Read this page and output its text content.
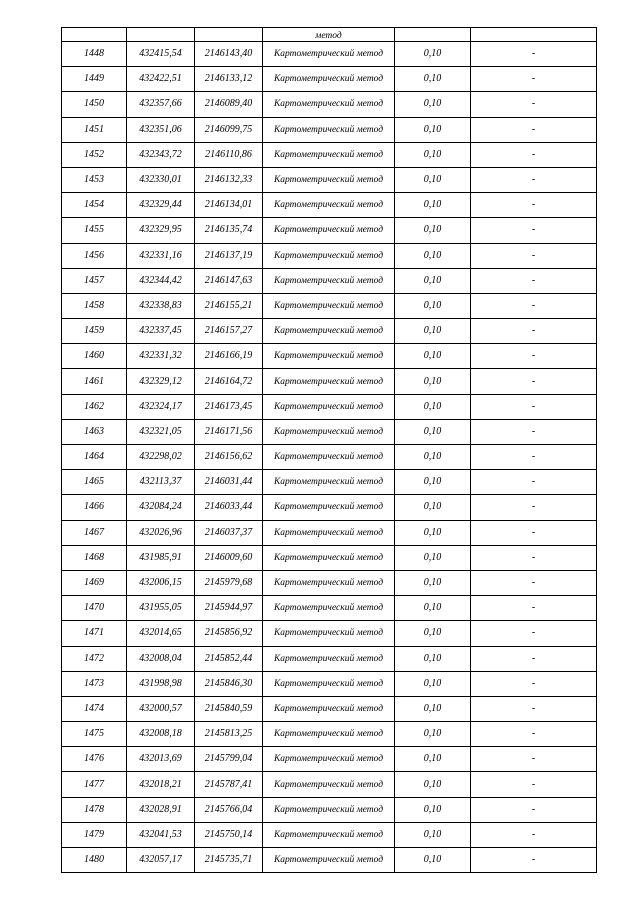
			метод		
1448	432415,54	2146143,40	Картометрический метод	0,10	-
1449	432422,51	2146133,12	Картометрический метод	0,10	-
1450	432357,66	2146089,40	Картометрический метод	0,10	-
1451	432351,06	2146099,75	Картометрический метод	0,10	-
1452	432343,72	2146110,86	Картометрический метод	0,10	-
1453	432330,01	2146132,33	Картометрический метод	0,10	-
1454	432329,44	2146134,01	Картометрический метод	0,10	-
1455	432329,95	2146135,74	Картометрический метод	0,10	-
1456	432331,16	2146137,19	Картометрический метод	0,10	-
1457	432344,42	2146147,63	Картометрический метод	0,10	-
1458	432338,83	2146155,21	Картометрический метод	0,10	-
1459	432337,45	2146157,27	Картометрический метод	0,10	-
1460	432331,32	2146166,19	Картометрический метод	0,10	-
1461	432329,12	2146164,72	Картометрический метод	0,10	-
1462	432324,17	2146173,45	Картометрический метод	0,10	-
1463	432321,05	2146171,56	Картометрический метод	0,10	-
1464	432298,02	2146156,62	Картометрический метод	0,10	-
1465	432113,37	2146031,44	Картометрический метод	0,10	-
1466	432084,24	2146033,44	Картометрический метод	0,10	-
1467	432026,96	2146037,37	Картометрический метод	0,10	-
1468	431985,91	2146009,60	Картометрический метод	0,10	-
1469	432006,15	2145979,68	Картометрический метод	0,10	-
1470	431955,05	2145944,97	Картометрический метод	0,10	-
1471	432014,65	2145856,92	Картометрический метод	0,10	-
1472	432008,04	2145852,44	Картометрический метод	0,10	-
1473	431998,98	2145846,30	Картометрический метод	0,10	-
1474	432000,57	2145840,59	Картометрический метод	0,10	-
1475	432008,18	2145813,25	Картометрический метод	0,10	-
1476	432013,69	2145799,04	Картометрический метод	0,10	-
1477	432018,21	2145787,41	Картометрический метод	0,10	-
1478	432028,91	2145766,04	Картометрический метод	0,10	-
1479	432041,53	2145750,14	Картометрический метод	0,10	-
1480	432057,17	2145735,71	Картометрический метод	0,10	-
